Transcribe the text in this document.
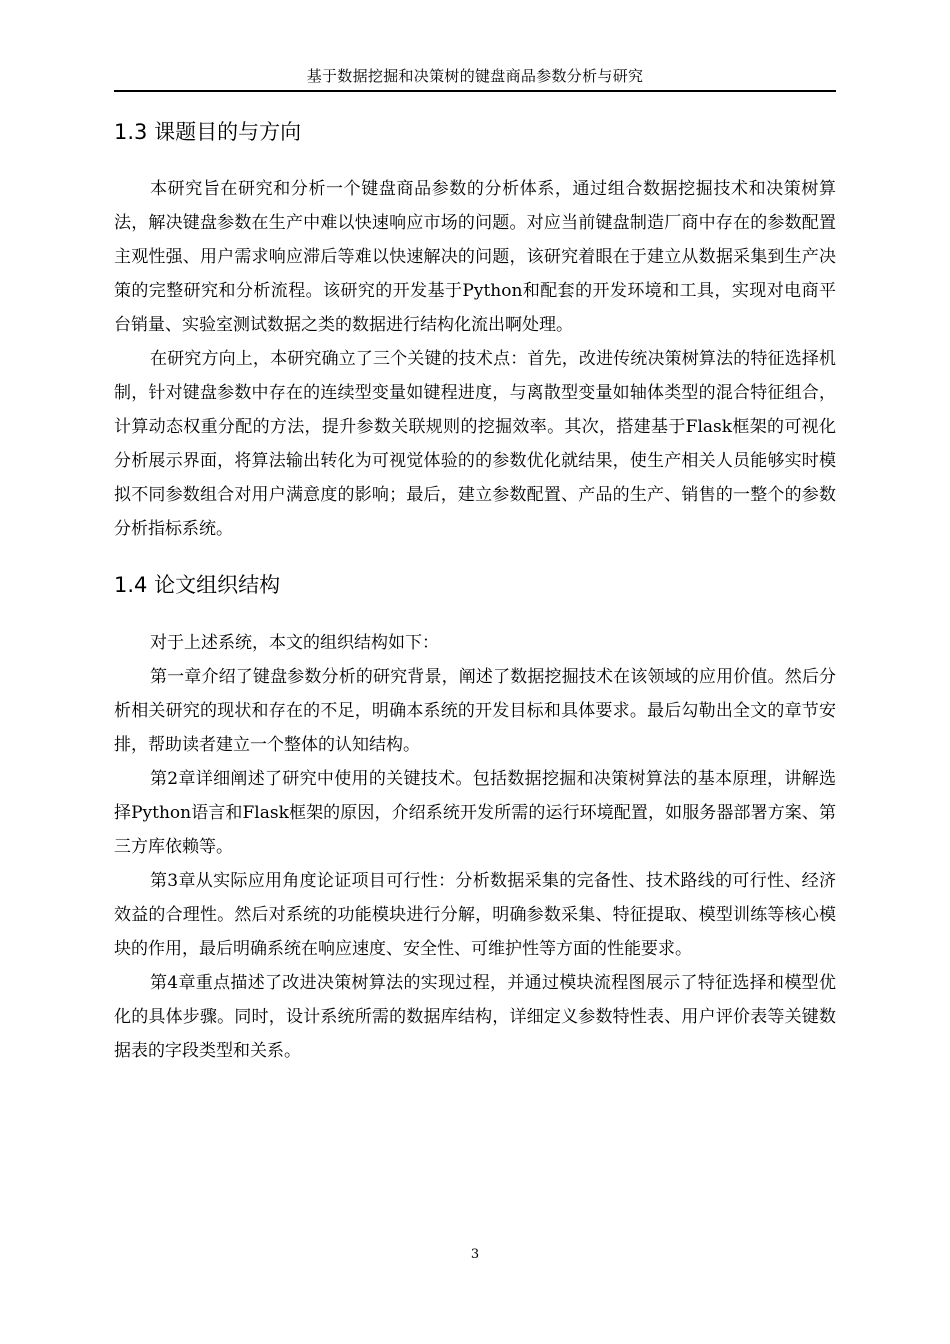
基于数据挖掘和决策树的键盘商品参数分析与研究
1.3 课题目的与方向

本研究旨在研究和分析一个键盘商品参数的分析体系，通过组合数据挖掘技术和决策树算法，解决键盘参数在生产中难以快速响应市场的问题。对应当前键盘制造厂商中存在的参数配置主观性强、用户需求响应滞后等难以快速解决的问题，该研究着眼在于建立从数据采集到生产决策的完整研究和分析流程。该研究的开发基于Python和配套的开发环境和工具，实现对电商平台销量、实验室测试数据之类的数据进行结构化流出啊处理。

在研究方向上，本研究确立了三个关键的技术点：首先，改进传统决策树算法的特征选择机制，针对键盘参数中存在的连续型变量如键程进度，与离散型变量如轴体类型的混合特征组合，计算动态权重分配的方法，提升参数关联规则的挖掘效率。其次，搭建基于Flask框架的可视化分析展示界面，将算法输出转化为可视觉体验的的参数优化就结果，使生产相关人员能够实时模拟不同参数组合对用户满意度的影响；最后，建立参数配置、产品的生产、销售的一整个的参数分析指标系统。

1.4 论文组织结构

对于上述系统，本文的组织结构如下：

第一章介绍了键盘参数分析的研究背景，阐述了数据挖掘技术在该领域的应用价值。然后分析相关研究的现状和存在的不足，明确本系统的开发目标和具体要求。最后勾勒出全文的章节安排，帮助读者建立一个整体的认知结构。

第2章详细阐述了研究中使用的关键技术。包括数据挖掘和决策树算法的基本原理，讲解选择Python语言和Flask框架的原因，介绍系统开发所需的运行环境配置，如服务器部署方案、第三方库依赖等。

第3章从实际应用角度论证项目可行性：分析数据采集的完备性、技术路线的可行性、经济效益的合理性。然后对系统的功能模块进行分解，明确参数采集、特征提取、模型训练等核心模块的作用，最后明确系统在响应速度、安全性、可维护性等方面的性能要求。

第4章重点描述了改进决策树算法的实现过程，并通过模块流程图展示了特征选择和模型优化的具体步骤。同时，设计系统所需的数据库结构，详细定义参数特性表、用户评价表等关键数据表的字段类型和关系。

3
